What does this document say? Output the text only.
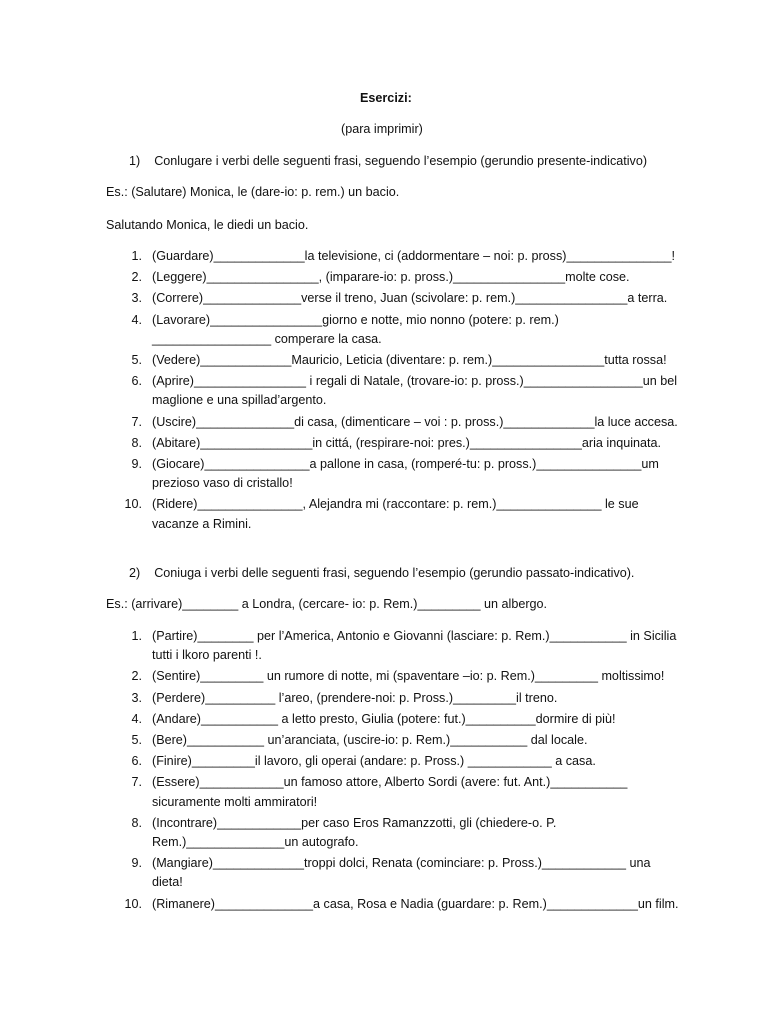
Esercizi:
(para imprimir)
1)    Conlugare i verbi delle seguenti frasi, seguendo l’esempio (gerundio presente-indicativo)
Es.: (Salutare) Monica, le (dare-io: p. rem.) un bacio.
Salutando Monica, le diedi un bacio.
1. (Guardare)_____________la televisione, ci (addormentare – noi: p. pross)_______________!
2. (Leggere)________________, (imparare-io: p. pross.)________________molte cose.
3. (Correre)______________verse il treno, Juan (scivolare: p. rem.)________________a terra.
4. (Lavorare)________________giorno e notte, mio nonno (potere: p. rem.)
_________________ comperare la casa.
5. (Vedere)_____________Mauricio, Leticia (diventare: p. rem.)________________tutta rossa!
6. (Aprire)________________ i regali di Natale, (trovare-io: p. pross.)_________________un bel
maglione e una spillad’argento.
7. (Uscire)______________di casa, (dimenticare – voi : p. pross.)_____________la luce accesa.
8. (Abitare)________________in cittá, (respirare-noi: pres.)________________aria inquinata.
9. (Giocare)_______________a pallone in casa, (romperé-tu: p. pross.)_______________um
prezioso vaso di cristallo!
10. (Ridere)_______________, Alejandra mi (raccontare: p. rem.)_______________ le sue
vacanze a Rimini.
2)    Coniuga i verbi delle seguenti frasi, seguendo l’esempio (gerundio passato-indicativo).
Es.: (arrivare)________ a Londra, (cercare- io: p. Rem.)_________ un albergo.
1. (Partire)________ per l’America, Antonio e Giovanni (lasciare: p. Rem.)___________ in Sicilia
tutti i lkoro parenti !.
2. (Sentire)_________ un rumore di notte, mi (spaventare –io: p. Rem.)_________ moltissimo!
3. (Perdere)__________ l’areo, (prendere-noi: p. Pross.)_________il treno.
4. (Andare)___________ a letto presto, Giulia (potere: fut.)__________dormire di più!
5. (Bere)___________ un’aranciata, (uscire-io: p. Rem.)___________ dal locale.
6. (Finire)_________il lavoro, gli operai (andare: p. Pross.) ____________ a casa.
7. (Essere)____________un famoso attore, Alberto Sordi (avere: fut. Ant.)___________
sicuramente molti ammiratori!
8. (Incontrare)____________per caso Eros Ramanzzotti, gli (chiedere-o. P.
Rem.)______________un autografo.
9. (Mangiare)_____________troppi dolci, Renata (cominciare: p. Pross.)____________ una
dieta!
10. (Rimanere)______________a casa, Rosa e Nadia (guardare: p. Rem.)_____________un film.
